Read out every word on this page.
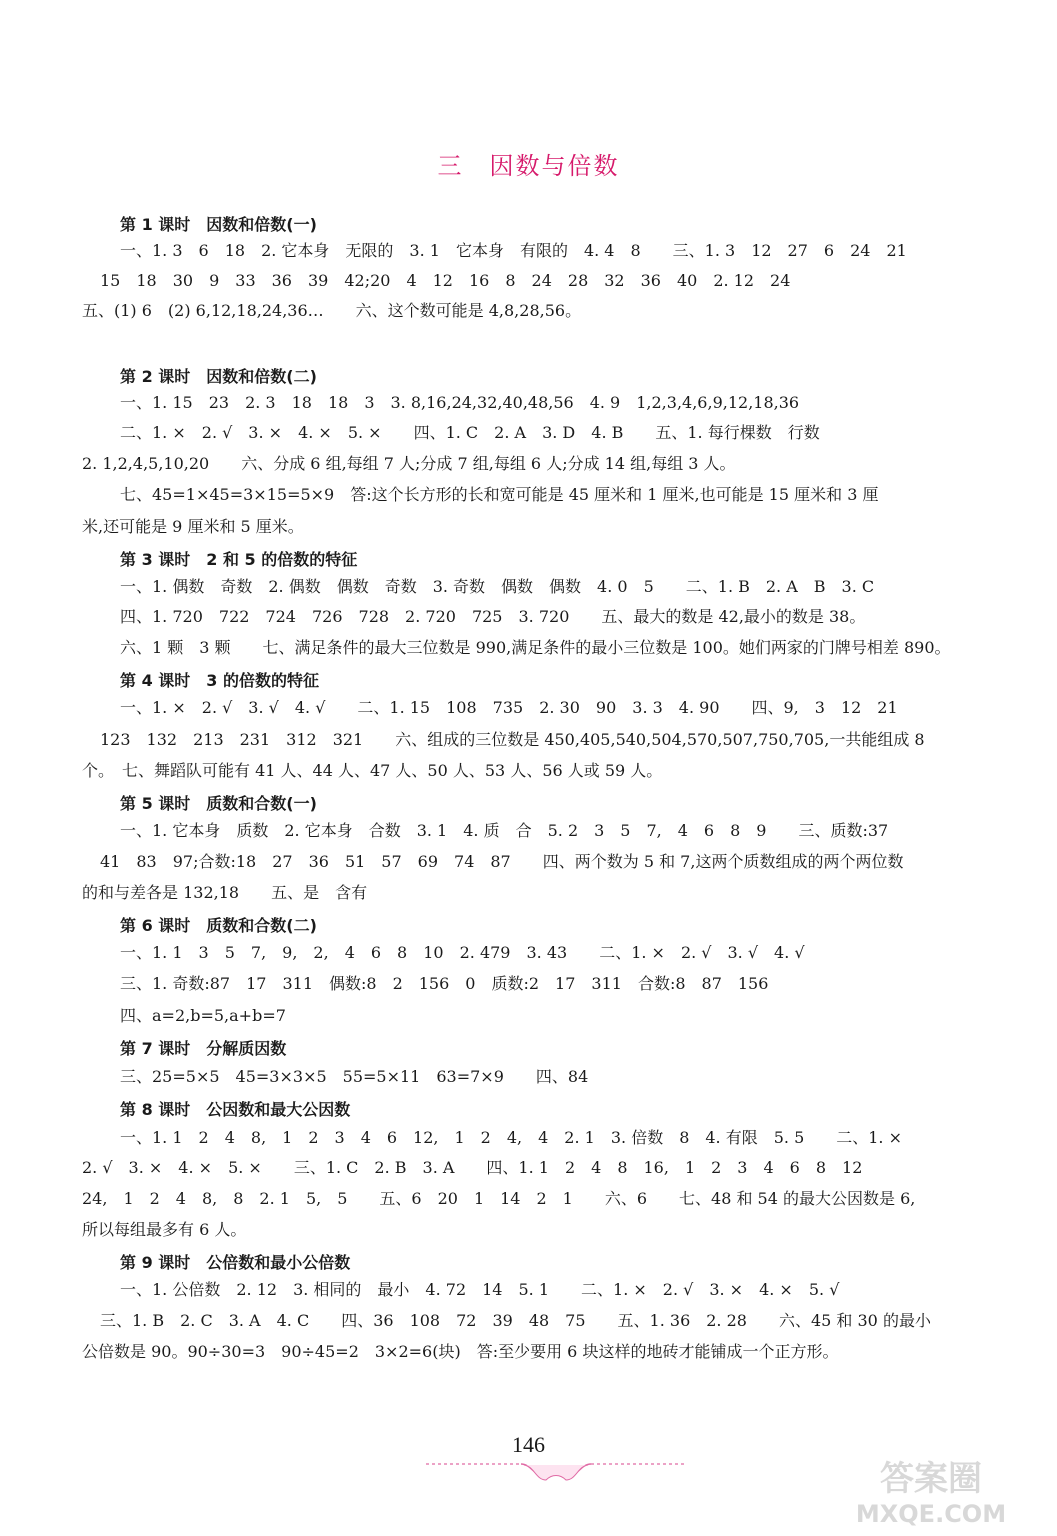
三　因数与倍数
第 1 课时　因数和倍数(一)
一、1. 3　6　18　2. 它本身　无限的　3. 1　它本身　有限的　4. 4　8　　三、1. 3　12　27　6　24　21
15　18　30　9　33　36　39　42;20　4　12　16　8　24　28　32　36　40　2. 12　24
五、(1) 6　(2) 6,12,18,24,36…　　六、这个数可能是 4,8,28,56。
第 2 课时　因数和倍数(二)
一、1. 15　23　2. 3　18　18　3　3. 8,16,24,32,40,48,56　4. 9　1,2,3,4,6,9,12,18,36
二、1. ×　2. √　3. ×　4. ×　5. ×　　四、1. C　2. A　3. D　4. B　　五、1. 每行棵数　行数
2. 1,2,4,5,10,20　　六、分成 6 组,每组 7 人;分成 7 组,每组 6 人;分成 14 组,每组 3 人。
七、45=1×45=3×15=5×9　答:这个长方形的长和宽可能是 45 厘米和 1 厘米,也可能是 15 厘米和 3 厘
米,还可能是 9 厘米和 5 厘米。
第 3 课时　2 和 5 的倍数的特征
一、1. 偶数　奇数　2. 偶数　偶数　奇数　3. 奇数　偶数　偶数　4. 0　5　　二、1. B　2. A　B　3. C
四、1. 720　722　724　726　728　2. 720　725　3. 720　　五、最大的数是 42,最小的数是 38。
六、1 颗　3 颗　　七、满足条件的最大三位数是 990,满足条件的最小三位数是 100。她们两家的门牌号相差 890。
第 4 课时　3 的倍数的特征
一、1. ×　2. √　3. √　4. √　　二、1. 15　108　735　2. 30　90　3. 3　4. 90　　四、9,　3　12　21
123　132　213　231　312　321　　六、组成的三位数是 450,405,540,504,570,507,750,705,一共能组成 8
个。　七、舞蹈队可能有 41 人、44 人、47 人、50 人、53 人、56 人或 59 人。
第 5 课时　质数和合数(一)
一、1. 它本身　质数　2. 它本身　合数　3. 1　4. 质　合　5. 2　3　5　7,　4　6　8　9　　三、质数:37
41　83　97;合数:18　27　36　51　57　69　74　87　　四、两个数为 5 和 7,这两个质数组成的两个两位数
的和与差各是 132,18　　五、是　含有
第 6 课时　质数和合数(二)
一、1. 1　3　5　7,　9,　2,　4　6　8　10　2. 479　3. 43　　二、1. ×　2. √　3. √　4. √
三、1. 奇数:87　17　311　偶数:8　2　156　0　质数:2　17　311　合数:8　87　156
四、a=2,b=5,a+b=7
第 7 课时　分解质因数
三、25=5×5　45=3×3×5　55=5×11　63=7×9　　四、84
第 8 课时　公因数和最大公因数
一、1. 1　2　4　8,　1　2　3　4　6　12,　1　2　4,　4　2. 1　3. 倍数　8　4. 有限　5. 5　　二、1. ×
2. √　3. ×　4. ×　5. ×　　三、1. C　2. B　3. A　　四、1. 1　2　4　8　16,　1　2　3　4　6　8　12
24,　1　2　4　8,　8　2. 1　5,　5　　五、6　20　1　14　2　1　　六、6　　七、48 和 54 的最大公因数是 6,
所以每组最多有 6 人。
第 9 课时　公倍数和最小公倍数
一、1. 公倍数　2. 12　3. 相同的　最小　4. 72　14　5. 1　　二、1. ×　2. √　3. ×　4. ×　5. √
三、1. B　2. C　3. A　4. C　　四、36　108　72　39　48　75　　五、1. 36　2. 28　　六、45 和 30 的最小
公倍数是 90。90÷30=3　90÷45=2　3×2=6(块)　答:至少要用 6 块这样的地砖才能铺成一个正方形。
146
答案圈
MXQE.COM
